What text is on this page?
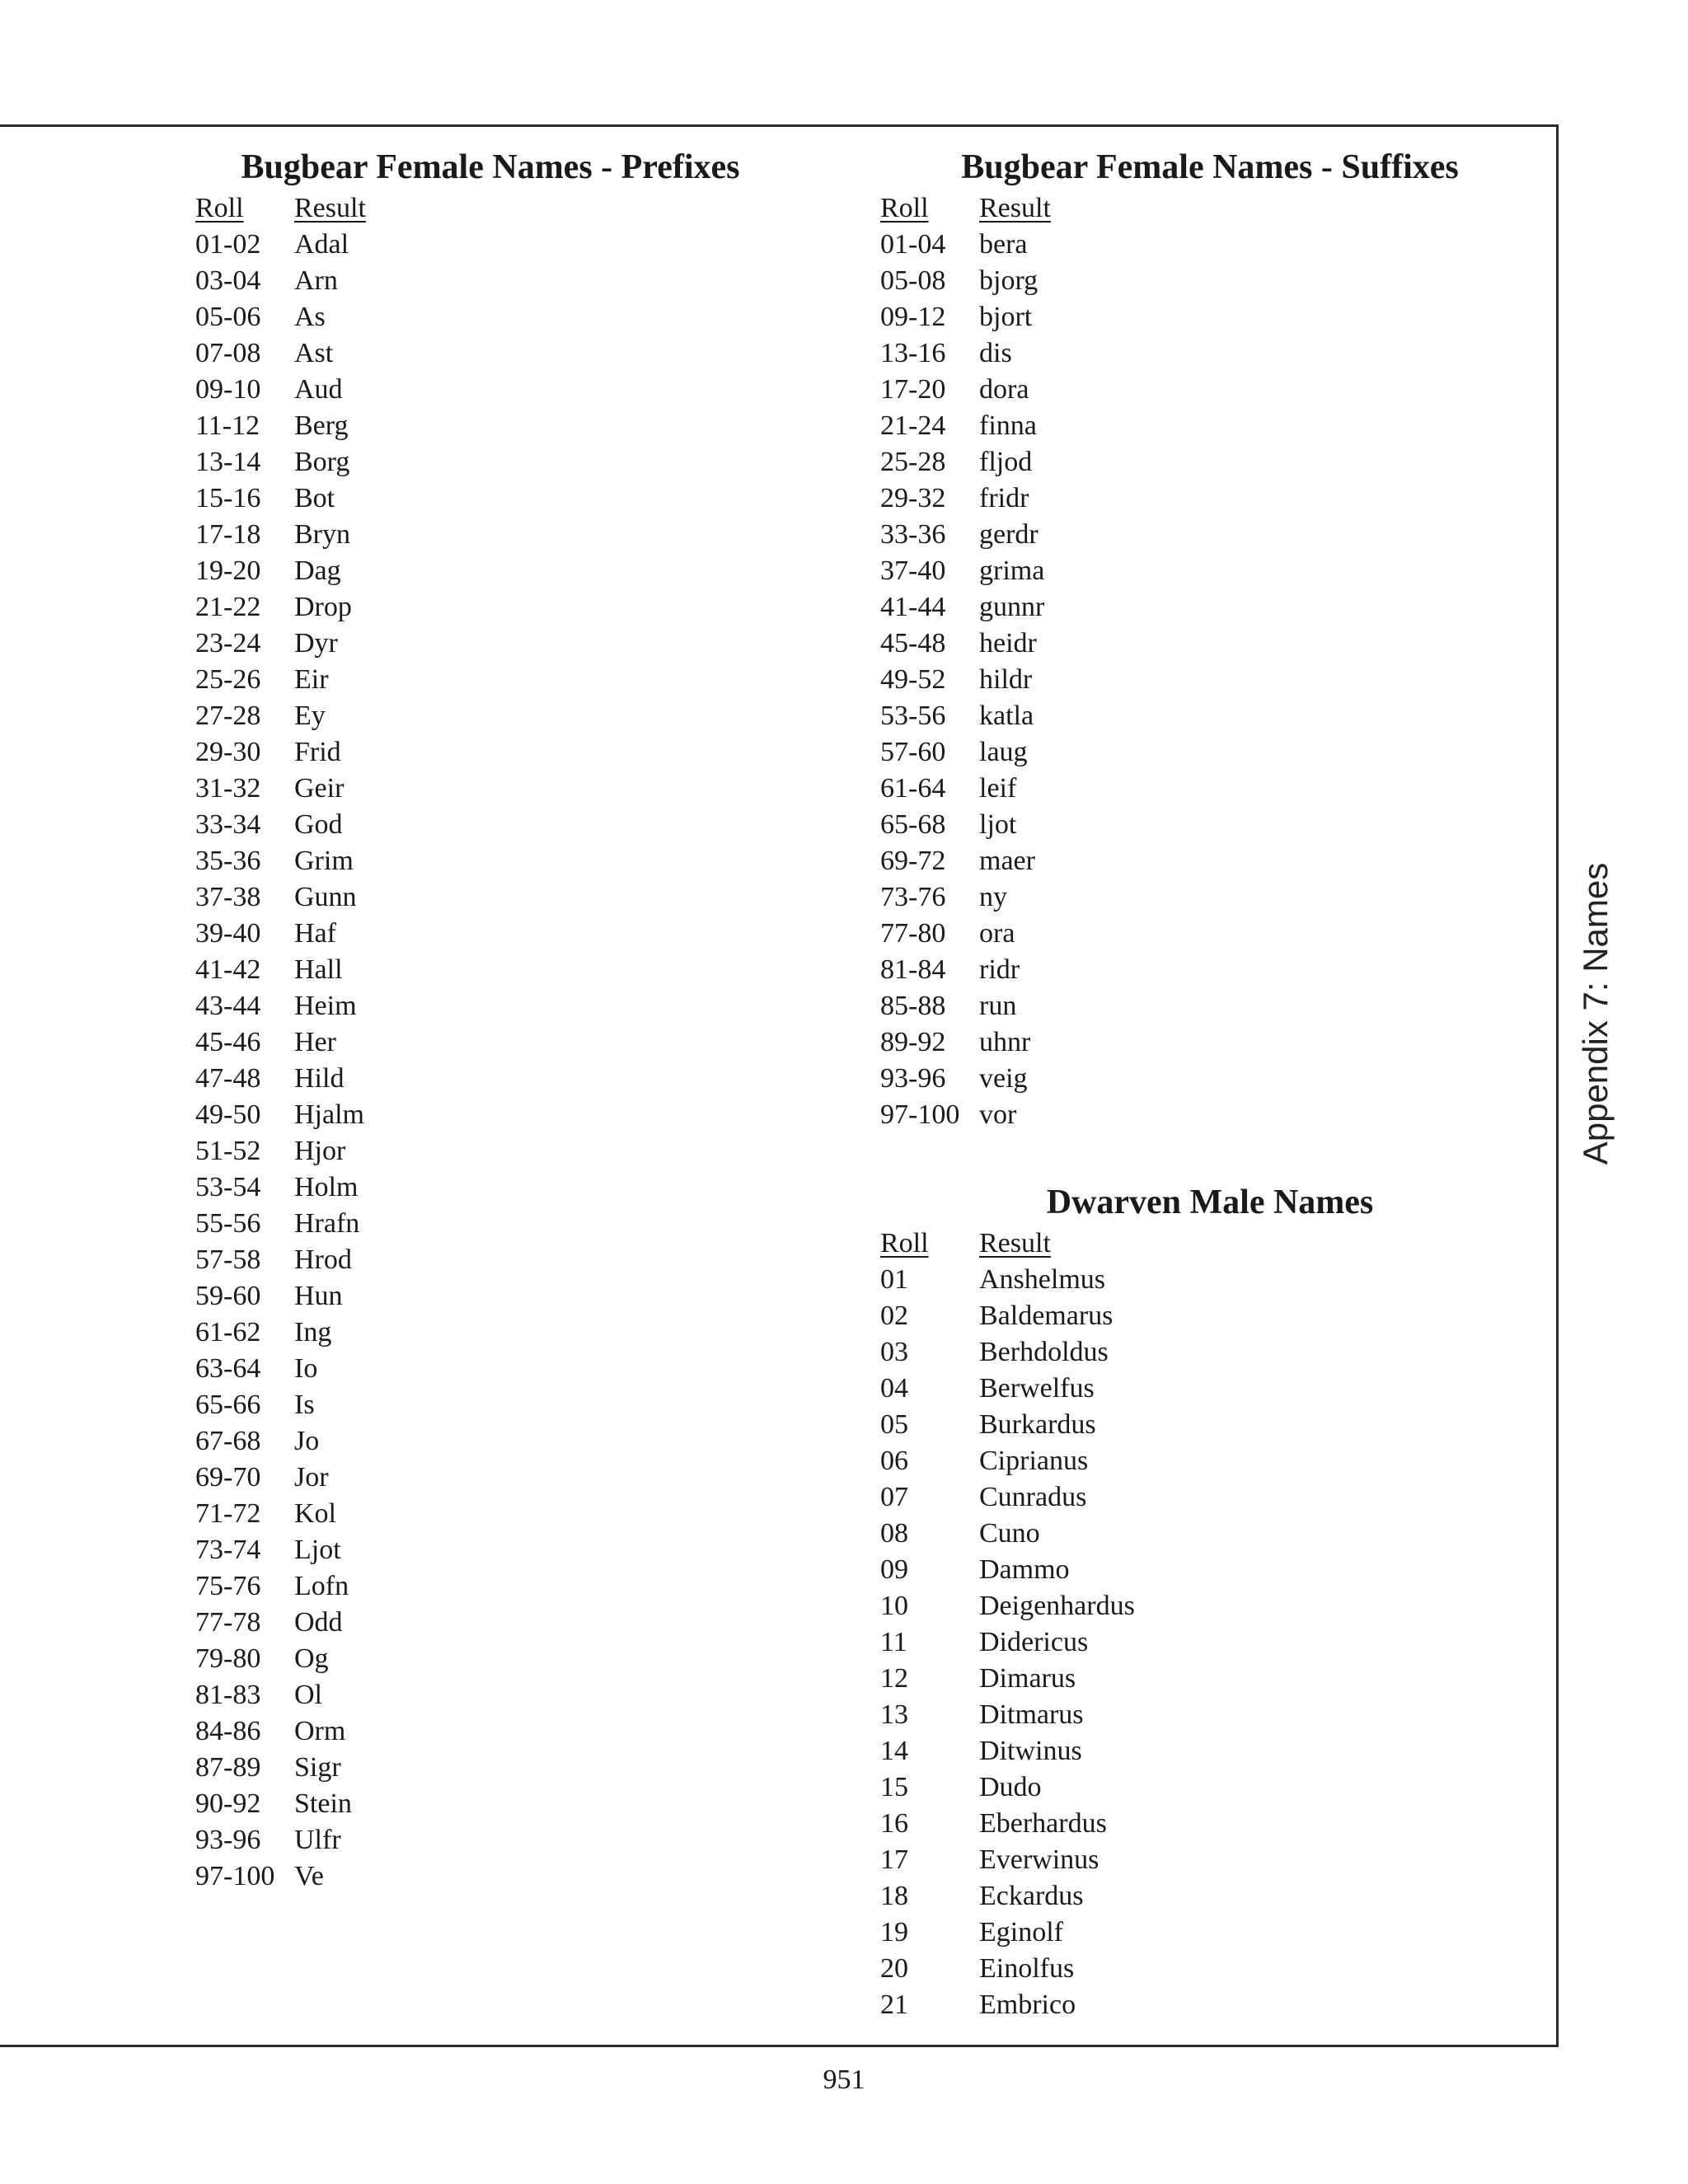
Bugbear Female Names - Prefixes
Roll	Result
01-02	Adal
03-04	Arn
05-06	As
07-08	Ast
09-10	Aud
11-12	Berg
13-14	Borg
15-16	Bot
17-18	Bryn
19-20	Dag
21-22	Drop
23-24	Dyr
25-26	Eir
27-28	Ey
29-30	Frid
31-32	Geir
33-34	God
35-36	Grim
37-38	Gunn
39-40	Haf
41-42	Hall
43-44	Heim
45-46	Her
47-48	Hild
49-50	Hjalm
51-52	Hjor
53-54	Holm
55-56	Hrafn
57-58	Hrod
59-60	Hun
61-62	Ing
63-64	Io
65-66	Is
67-68	Jo
69-70	Jor
71-72	Kol
73-74	Ljot
75-76	Lofn
77-78	Odd
79-80	Og
81-83	Ol
84-86	Orm
87-89	Sigr
90-92	Stein
93-96	Ulfr
97-100 Ve
Bugbear Female Names - Suffixes
Roll	Result
01-04	bera
05-08	bjorg
09-12	bjort
13-16	dis
17-20	dora
21-24	finna
25-28	fljod
29-32	fridr
33-36	gerdr
37-40	grima
41-44	gunnr
45-48	heidr
49-52	hildr
53-56	katla
57-60	laug
61-64	leif
65-68	ljot
69-72	maer
73-76	ny
77-80	ora
81-84	ridr
85-88	run
89-92	uhnr
93-96	veig
97-100 vor
Dwarven Male Names
Roll	Result
01	Anshelmus
02	Baldemarus
03	Berhdoldus
04	Berwelfus
05	Burkardus
06	Ciprianus
07	Cunradus
08	Cuno
09	Dammo
10	Deigenhardus
11	Didericus
12	Dimarus
13	Ditmarus
14	Ditwinus
15	Dudo
16	Eberhardus
17	Everwinus
18	Eckardus
19	Eginolf
20	Einolfus
21	Embrico
Appendix 7: Names
951
